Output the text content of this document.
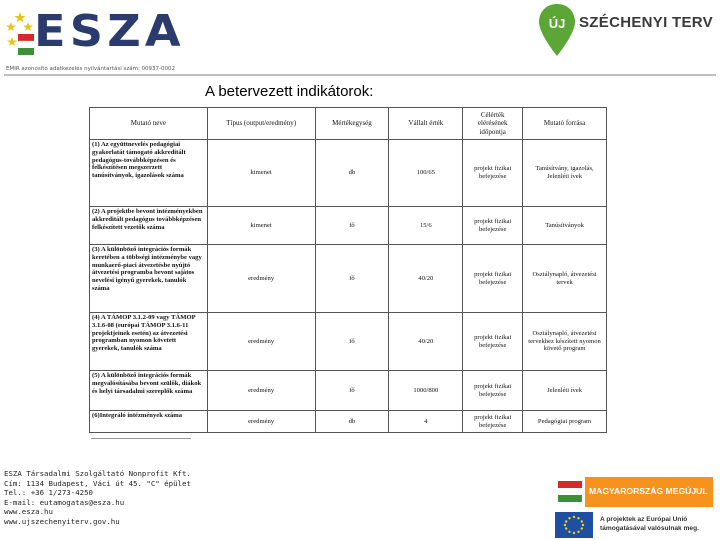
ESZA
EMIR azonosító adatkezelés nyilvántartási szám: 00937-0002
ÚJ SZÉCHENYI TERV
A betervezett indikátorok:
Mutató neve	Típus (output/eredmény)	Mértékegység	Vállalt érték	Célérték elérésének időpontja	Mutató forrása
(1) Az együttnevelés pedagógiai gyakorlatát támogató akkreditált pedagógus-továbbképzésen és felkészítésen megszerzett tanúsítványok, igazolások száma	kimenet	db	100/65	projekt fizikai befejezése	Tanúsítvány, igazolás, Jelenléti ívek
(2) A projektbe bevont intézményekben akkreditált pedagógus továbbképzésen felkészített vezetők száma	kimenet	fő	15/6	projekt fizikai befejezése	Tanúsítványok
(3) A különböző integrációs formák keretében a többségi intézménybe vagy munkaerő-piaci átvezetésbe nyújtó átvezetési programba bevont sajátos nevelési igényű gyerekek, tanulók száma	eredmény	fő	40/20	projekt fizikai befejezése	Osztálynapló, átvezetési tervek
(4) A TÁMOP 3.1.2-09 vagy TÁMOP 3.1.6-08 (európai TÁMOP 3.1.6-11 projektjeinek esetén) az átvezetési programban nyomon követett gyerekek, tanulók száma	eredmény	fő	40/20	projekt fizikai befejezése	Osztálynapló, átvezetési tervekhez készített nyomon követő program
(5) A különböző integrációs formák megvalósításába bevont szülők, diákok és helyi társadalmi szereplők száma	eredmény	fő	1000/800	projekt fizikai befejezése	Jelenléti ívek
(6)Integráló intézmények száma	eredmény	db	4	projekt fizikai befejezése	Pedagógiai program
ESZA Társadalmi Szolgáltató Nonprofit Kft.
Cím: 1134 Budapest, Váci út 45. "C" épület
Tel.: +36 1/273-4250
E-mail: eutamogatas@esza.hu
www.esza.hu
www.ujszechenyiterv.gov.hu
MAGYARORSZÁG MEGÚJUL
A projektek az Európai Unió
támogatásával valósulnak meg.
